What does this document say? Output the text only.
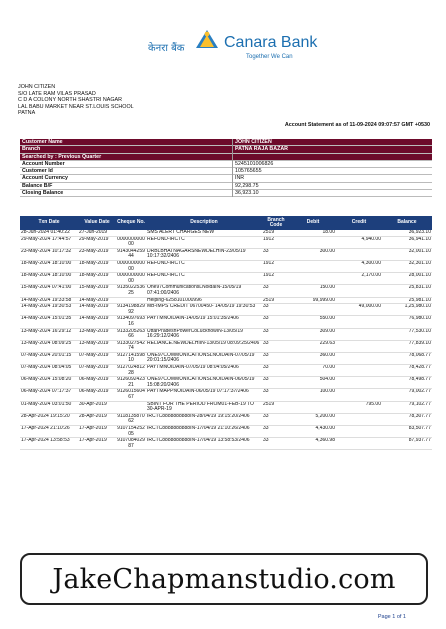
केनरा बैंक Canara Bank
Together We Can
JOHN CITIZEN
S/O LATE RAM VILAS PRASAD
C D A COLONY NORTH SHASTRI NAGAR
LAL BABU MARKET NEAR ST.LOUIS SCHOOL
PATNA
Account Statement as of 11-09-2024 09:07:57 GMT +0530
Customer Name	JOHN CITIZEN
Branch	PATNA RAJA BAZAR
Searched by : Previous Quarter	
Account Number	5245101006826
Customer Id	105765655
Account Currency	INR
Balance B/F	92,298.75
Closing Balance	36,923.10
Txn Date	Value Date	Cheque No.	Description	Branch Code	Debit	Credit	Balance
28-Jun-2024 01:40:22	27-Jun-2019		SMS ALERT CHARGES NEW	2519	18.00		36,923.10
29-May-2024 17:44:57	29-May-2019	000000000000	REFUND-IRCTC	1912		4,940.00	36,941.10
23-May-2024 10:17:32	23-May-2019	914304425944	DRBLBHATNAGARSNEWDELHIN-23/05/19 10:17:32/2406	33	300.00		32,001.10
18-May-2024 18:10:00	18-May-2019	000000000000	REFUND-IRCTC	1912		4,300.00	32,301.10
18-May-2024 18:10:00	18-May-2019	000000000000	REFUND-IRCTC	1912		2,170.00	28,001.10
15-May-2024 07:41:00	15-May-2019	913502253625	One97CommunicationsLNoidaIN-15/05/19 07:41:00/2406	33	150.00		25,831.10
14-May-2024 19:33:58	14-May-2019		Helping-6258101000996	2519	99,999.00		25,981.10
14-May-2024 19:30:53	14-May-2019	913419882992	MB-IMPS CREDIT 06700450- 14/05/19 19:30:53	33		49,000.00	1,25,980.10
14-May-2024 15:01:35	14-May-2019	913409769316	PAYTMNOIDAIN-14/05/19 15:01:35/2406	33	550.00		76,980.10
13-May-2024 16:29:12	13-May-2019	913320526366	UttarPradeshPowerCoLucknowIN-13/05/19 16:29:12/2406	33	309.00		77,530.10
13-May-2024 08:09:25	13-May-2019	913302754274	RELIANCE.NEWDELHIIN-13/05/19 08:09:25/2406	33	229.63		77,839.10
07-May-2024 20:01:15	07-May-2019	912714159810	ONE97COMMUNICATIONSLNOIDAIN-07/05/19 20:01:15/2406	33	360.00		78,068.77
07-May-2024 08:04:05	07-May-2019	912702481228	PAYTMNOIDAIN-07/05/19 08:04:05/2406	33	70.00		78,428.77
06-May-2024 15:08:20	06-May-2019	912609242321	ONE97COMMUNICATIONSLNOIDAIN-06/05/19 15:08:20/2406	33	504.00		78,498.77
06-May-2024 07:17:37	06-May-2019	912601560467	PAYTMAPPNOIDAIN-06/05/19 07:17:37/2406	33	100.00		79,002.77
01-May-2024 03:01:50	30-Apr-2019		SBINT FOR THE PERIOD FROM01-FEB-19 TO 30-APR-19	2519		795.00	79,102.77
28-Apr-2024 19:15:20	28-Apr-2019	911813587062	IRCTC8888888888IN-28/04/19 19:15:20/2406	33	5,200.00		78,307.77
17-Apr-2024 21:10:26	17-Apr-2019	910715425205	IRCTC8888888888IN-17/04/19 21:10:26/2406	33	4,430.00		83,507.77
17-Apr-2024 13:58:53	17-Apr-2019	910708402987	IRCTC8888888888IN-17/04/19 13:58:53/2406	33	4,360.98		87,937.77
JakeChapmanstudio.com
Page 1 of 1
